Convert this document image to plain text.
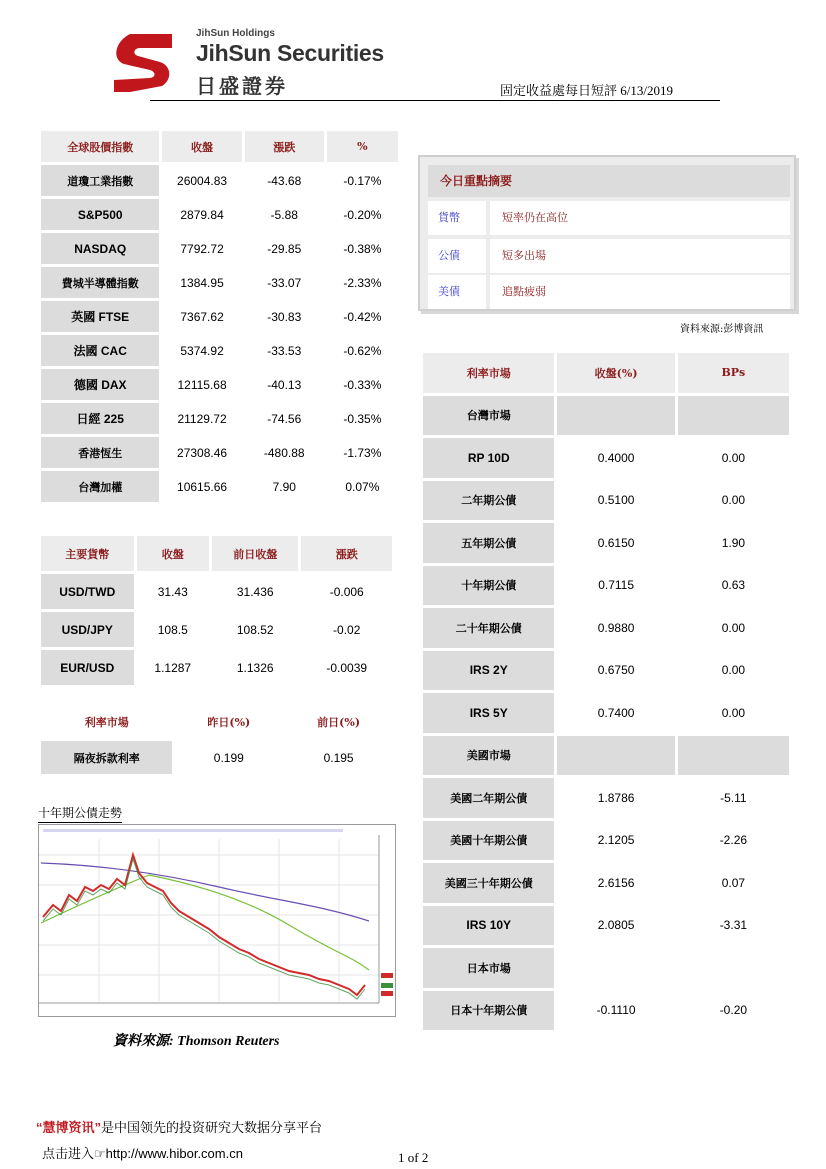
JihSun Holdings
JihSun Securities
日盛證券	固定收益處每日短評 6/13/2019
全球股價指數	收盤	漲跌	%
道瓊工業指數	26004.83	-43.68	-0.17%
S&P500	2879.84	-5.88	-0.20%
NASDAQ	7792.72	-29.85	-0.38%
費城半導體指數	1384.95	-33.07	-2.33%
英國 FTSE	7367.62	-30.83	-0.42%
法國 CAC	5374.92	-33.53	-0.62%
德國 DAX	12115.68	-40.13	-0.33%
日經 225	21129.72	-74.56	-0.35%
香港恆生	27308.46	-480.88	-1.73%
台灣加權	10615.66	7.90	0.07%
主要貨幣	收盤	前日收盤	漲跌
USD/TWD	31.43	31.436	-0.006
USD/JPY	108.5	108.52	-0.02
EUR/USD	1.1287	1.1326	-0.0039
利率市場	昨日(%)	前日(%)
隔夜拆款利率	0.199	0.195
今日重點摘要
貨幣	短率仍在高位
公債	短多出場
美債	追點疲弱
資料來源:彭博資訊
利率市場	收盤(%)	BPs
台灣市場		
RP 10D	0.4000	0.00
二年期公債	0.5100	0.00
五年期公債	0.6150	1.90
十年期公債	0.7115	0.63
二十年期公債	0.9880	0.00
IRS 2Y	0.6750	0.00
IRS 5Y	0.7400	0.00
美國市場		
美國二年期公債	1.8786	-5.11
美國十年期公債	2.1205	-2.26
美國三十年期公債	2.6156	0.07
IRS 10Y	2.0805	-3.31
日本市場		
日本十年期公債	-0.1110	-0.20
十年期公債走勢
資料來源: Thomson Reuters
“慧博资讯”是中国领先的投资研究大数据分享平台
点击进入☞http://www.hibor.com.cn	1 of 2
